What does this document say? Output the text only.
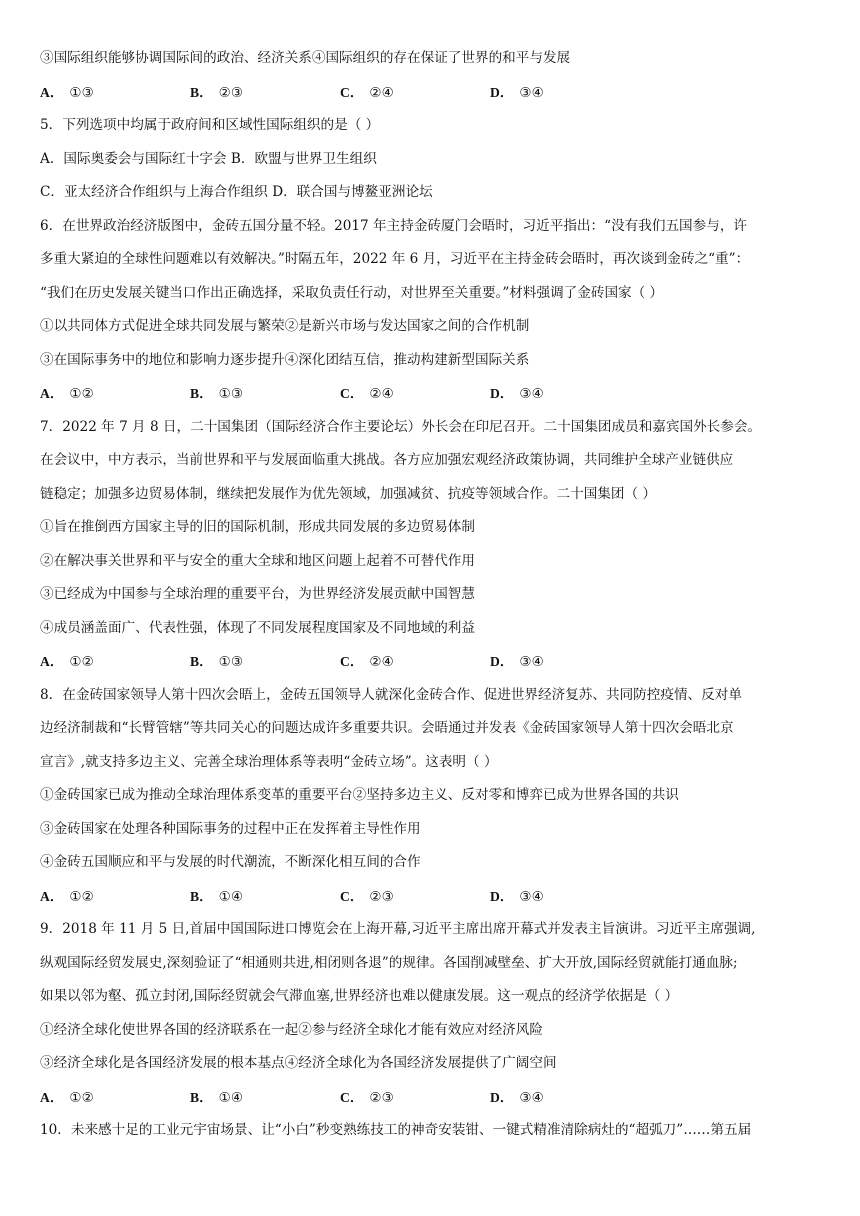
③国际组织能够协调国际间的政治、经济关系④国际组织的存在保证了世界的和平与发展
A． ①③	B． ②③	C． ②④	D． ③④
5．下列选项中均属于政府间和区域性国际组织的是（ ）
A．国际奥委会与国际红十字会 B．欧盟与世界卫生组织
C．亚太经济合作组织与上海合作组织 D．联合国与博鳌亚洲论坛
6．在世界政治经济版图中，金砖五国分量不轻。2017 年主持金砖厦门会晤时，习近平指出：“没有我们五国参与，许
多重大紧迫的全球性问题难以有效解决。”时隔五年，2022 年 6 月，习近平在主持金砖会晤时，再次谈到金砖之“重”：
“我们在历史发展关键当口作出正确选择，采取负责任行动，对世界至关重要。”材料强调了金砖国家（ ）
①以共同体方式促进全球共同发展与繁荣②是新兴市场与发达国家之间的合作机制
③在国际事务中的地位和影响力逐步提升④深化团结互信，推动构建新型国际关系
A． ①②	B． ①③	C． ②④	D． ③④
7．2022 年 7 月 8 日，二十国集团（国际经济合作主要论坛）外长会在印尼召开。二十国集团成员和嘉宾国外长参会。
在会议中，中方表示，当前世界和平与发展面临重大挑战。各方应加强宏观经济政策协调，共同维护全球产业链供应
链稳定；加强多边贸易体制，继续把发展作为优先领域，加强减贫、抗疫等领域合作。二十国集团（ ）
①旨在推倒西方国家主导的旧的国际机制，形成共同发展的多边贸易体制
②在解决事关世界和平与安全的重大全球和地区问题上起着不可替代作用
③已经成为中国参与全球治理的重要平台，为世界经济发展贡献中国智慧
④成员涵盖面广、代表性强，体现了不同发展程度国家及不同地域的利益
A． ①②	B． ①③	C． ②④	D． ③④
8．在金砖国家领导人第十四次会晤上，金砖五国领导人就深化金砖合作、促进世界经济复苏、共同防控疫情、反对单
边经济制裁和“长臂管辖”等共同关心的问题达成许多重要共识。会晤通过并发表《金砖国家领导人第十四次会晤北京
宣言》,就支持多边主义、完善全球治理体系等表明“金砖立场”。这表明（ ）
①金砖国家已成为推动全球治理体系变革的重要平台②坚持多边主义、反对零和博弈已成为世界各国的共识
③金砖国家在处理各种国际事务的过程中正在发挥着主导性作用
④金砖五国顺应和平与发展的时代潮流，不断深化相互间的合作
A． ①②	B． ①④	C． ②③	D． ③④
9．2018 年 11 月 5 日,首届中国国际进口博览会在上海开幕,习近平主席出席开幕式并发表主旨演讲。习近平主席强调,
纵观国际经贸发展史,深刻验证了“相通则共进,相闭则各退”的规律。各国削减壁垒、扩大开放,国际经贸就能打通血脉;
如果以邻为壑、孤立封闭,国际经贸就会气滞血塞,世界经济也难以健康发展。这一观点的经济学依据是（ ）
①经济全球化使世界各国的经济联系在一起②参与经济全球化才能有效应对经济风险
③经济全球化是各国经济发展的根本基点④经济全球化为各国经济发展提供了广阔空间
A． ①②	B． ①④	C． ②③	D． ③④
10．未来感十足的工业元宇宙场景、让“小白”秒变熟练技工的神奇安装钳、一键式精准清除病灶的“超弧刀”……第五届
